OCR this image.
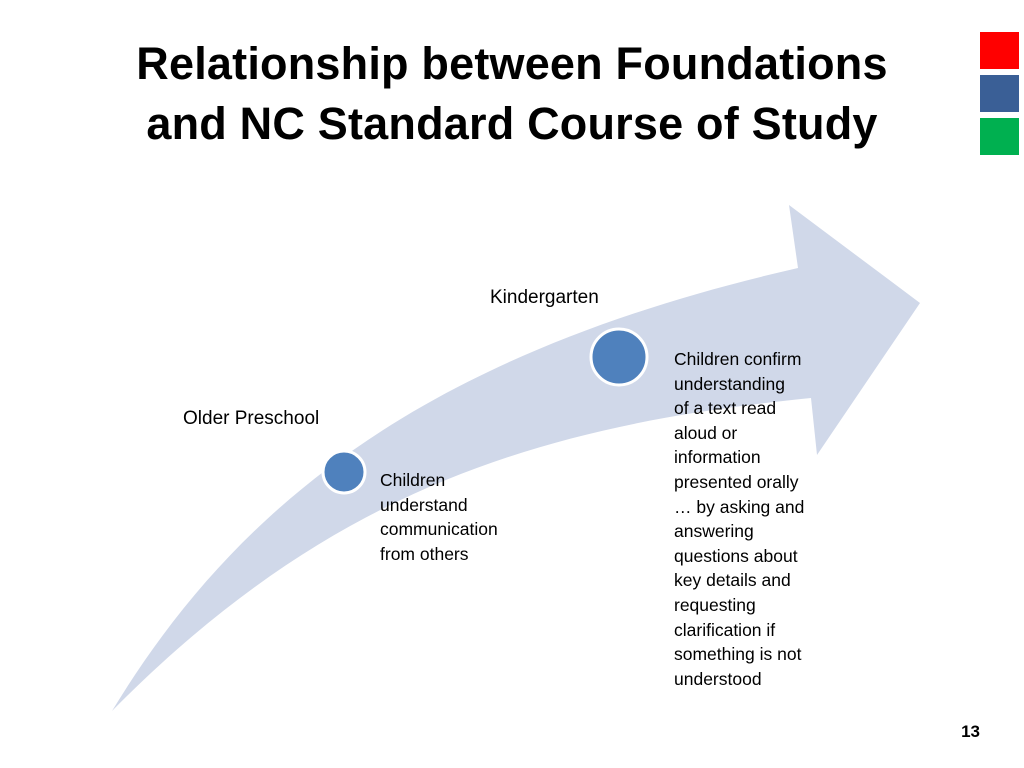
Relationship between Foundations
and NC Standard Course of Study
Older Preschool
Children
understand
communication
from others
Kindergarten
Children confirm
understanding
of a text read
aloud or
information
presented orally
… by asking and
answering
questions about
key details and
requesting
clarification if
something is not
understood
13
